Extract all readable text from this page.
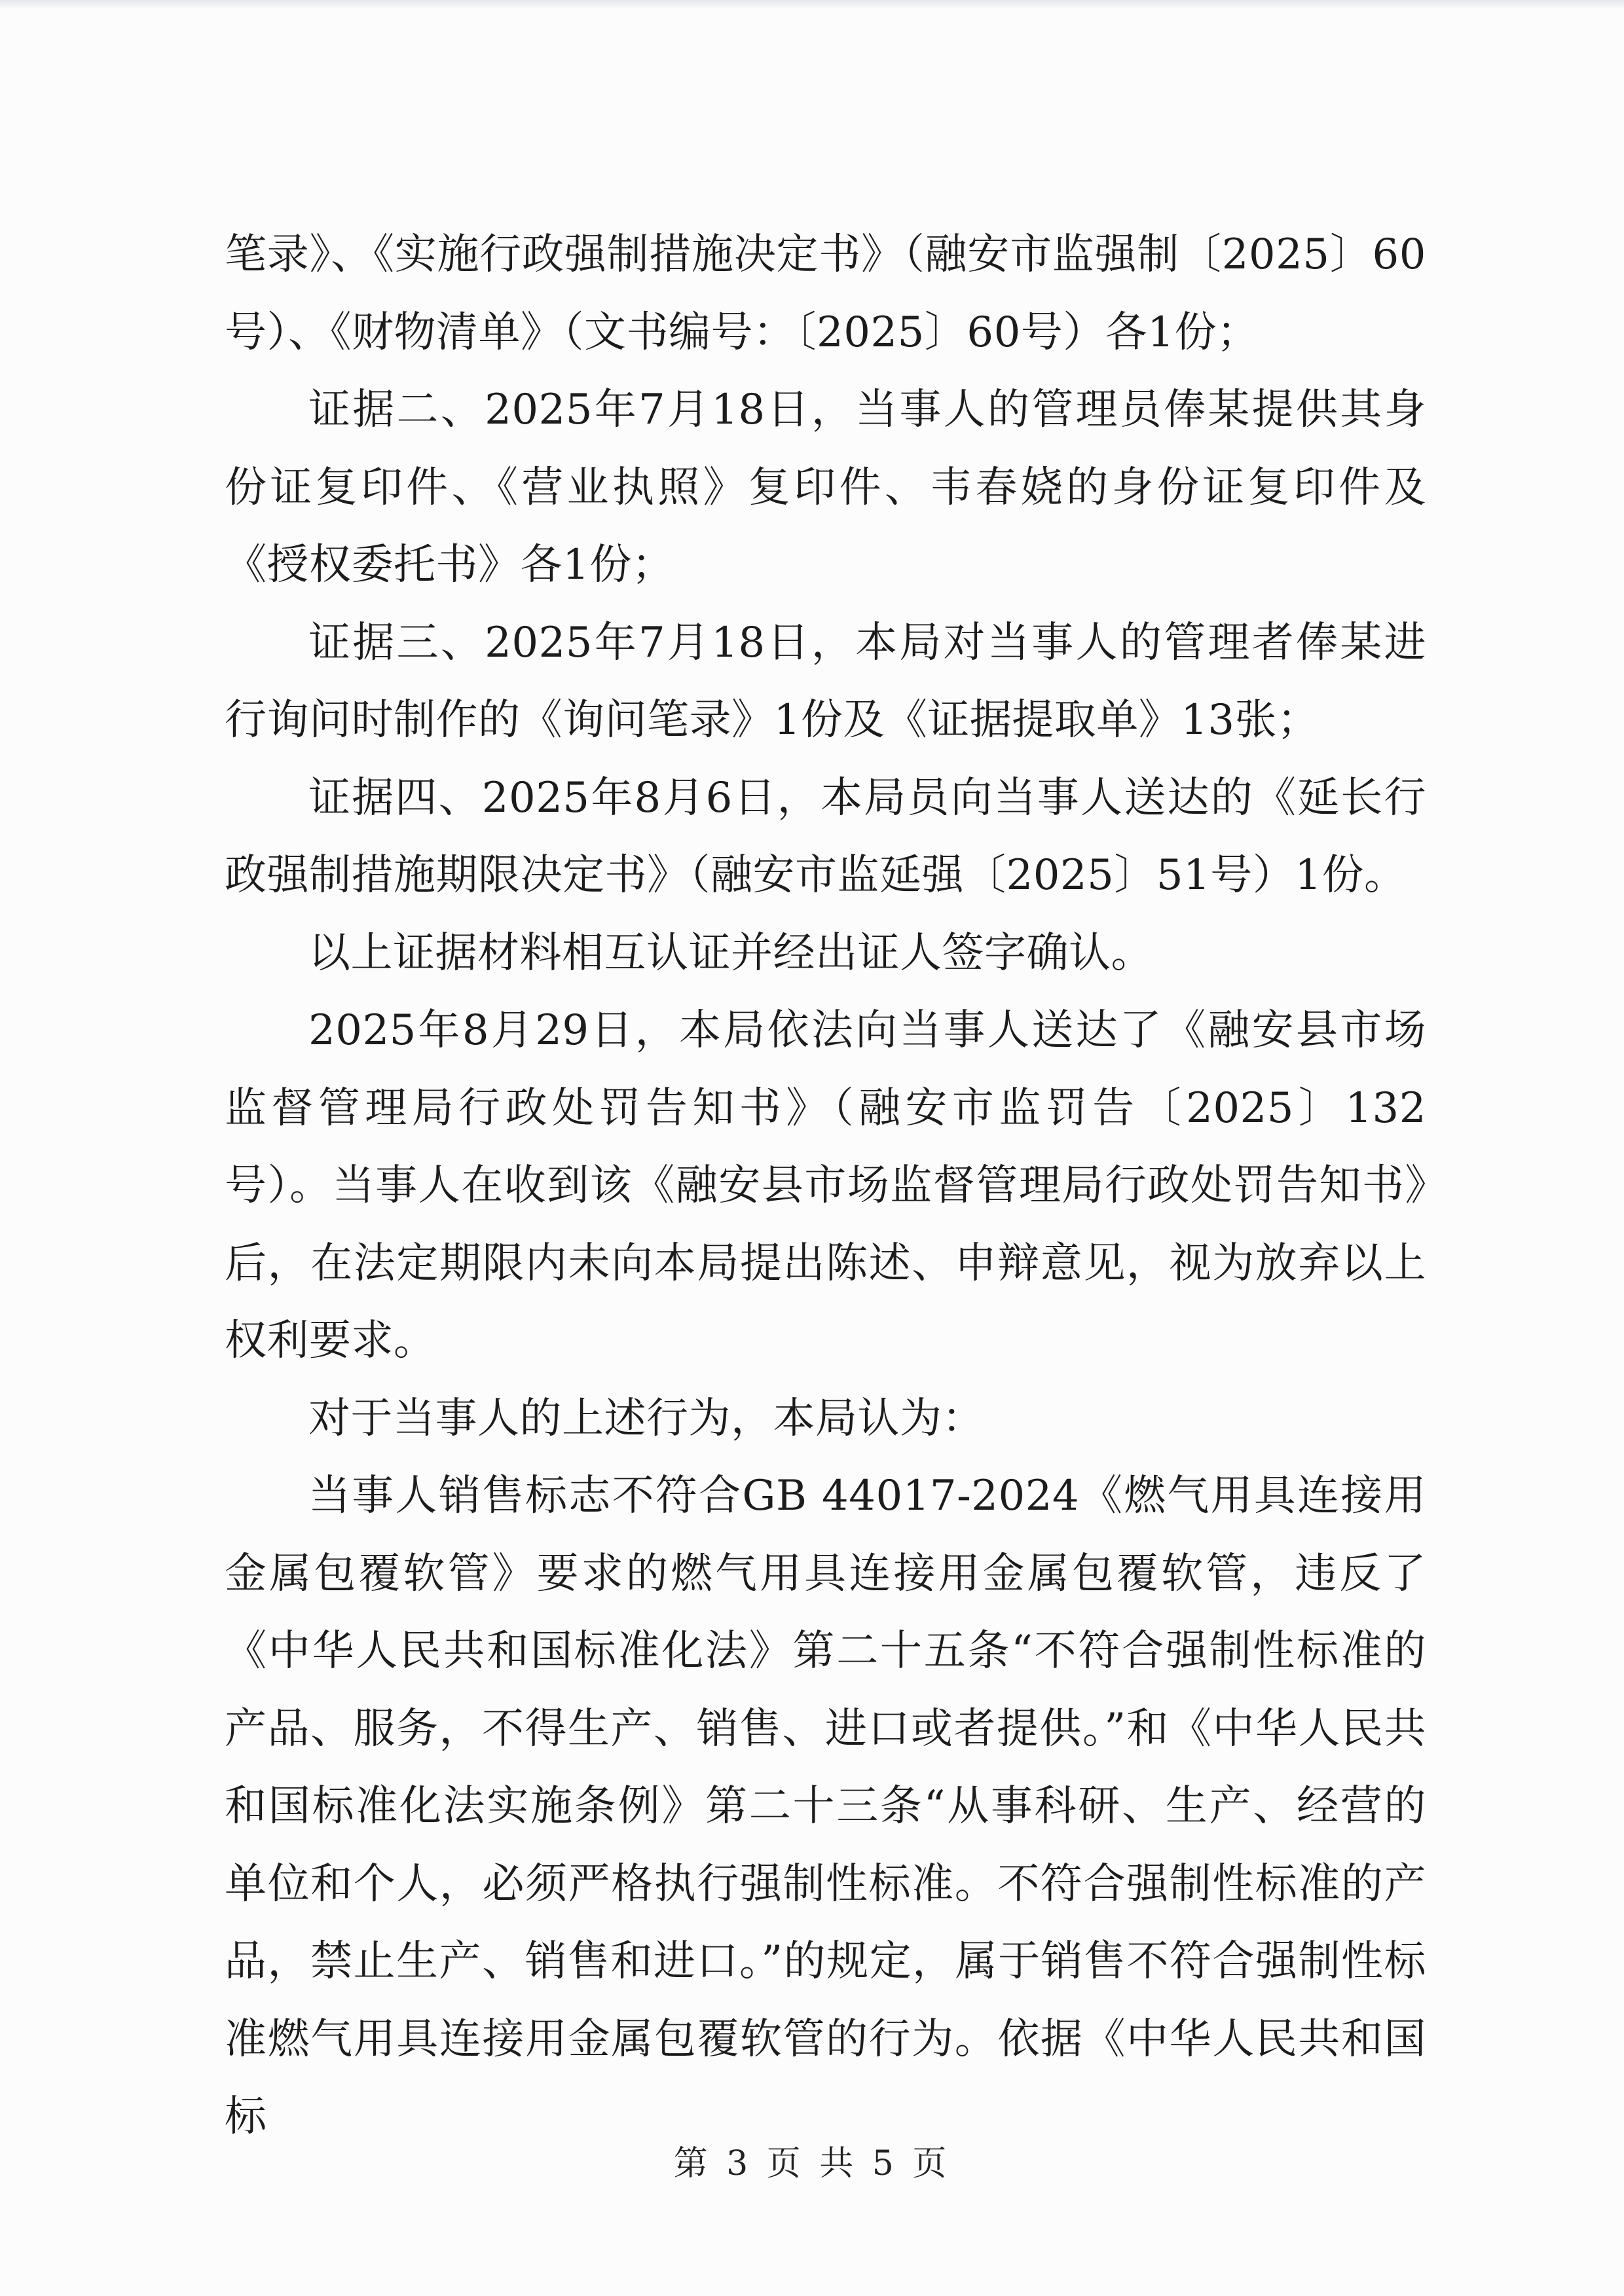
笔录》、《实施行政强制措施决定书》（融安市监强制〔2025〕60号）、《财物清单》（文书编号：〔2025〕60号）各1份；

证据二、2025年7月18日，当事人的管理员俸某提供其身份证复印件、《营业执照》复印件、韦春娆的身份证复印件及《授权委托书》各1份；

证据三、2025年7月18日，本局对当事人的管理者俸某进行询问时制作的《询问笔录》1份及《证据提取单》13张；

证据四、2025年8月6日，本局员向当事人送达的《延长行政强制措施期限决定书》（融安市监延强〔2025〕51号）1份。

以上证据材料相互认证并经出证人签字确认。

2025年8月29日，本局依法向当事人送达了《融安县市场监督管理局行政处罚告知书》（融安市监罚告〔2025〕132号）。当事人在收到该《融安县市场监督管理局行政处罚告知书》后，在法定期限内未向本局提出陈述、申辩意见，视为放弃以上权利要求。

对于当事人的上述行为，本局认为：

当事人销售标志不符合GB 44017-2024《燃气用具连接用金属包覆软管》要求的燃气用具连接用金属包覆软管，违反了《中华人民共和国标准化法》第二十五条“不符合强制性标准的产品、服务，不得生产、销售、进口或者提供。”和《中华人民共和国标准化法实施条例》第二十三条“从事科研、生产、经营的单位和个人，必须严格执行强制性标准。不符合强制性标准的产品，禁止生产、销售和进口。”的规定，属于销售不符合强制性标准燃气用具连接用金属包覆软管的行为。依据《中华人民共和国标

第 3 页 共 5 页
